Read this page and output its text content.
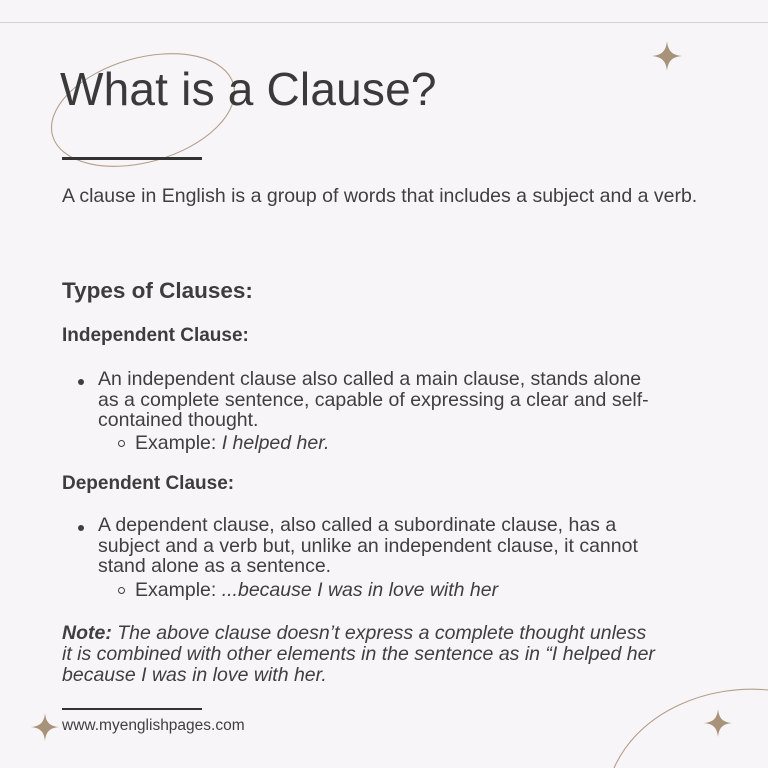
What is a Clause?

A clause in English is a group of words that includes a subject and a verb.

Types of Clauses:
Independent Clause:

An independent clause also called a main clause, stands alone
as a complete sentence, capable of expressing a clear and self-
contained thought.

Example: I helped her.

Dependent Clause:

A dependent clause, also called a subordinate clause, has a
subject and a verb but, unlike an independent clause, it cannot
stand alone as a sentence.

Example: ...because I was in love with her

Note: The above clause doesn’t express a complete thought unless
it is combined with other elements in the sentence as in “I helped her
because I was in love with her.

www.myenglishpages.com
